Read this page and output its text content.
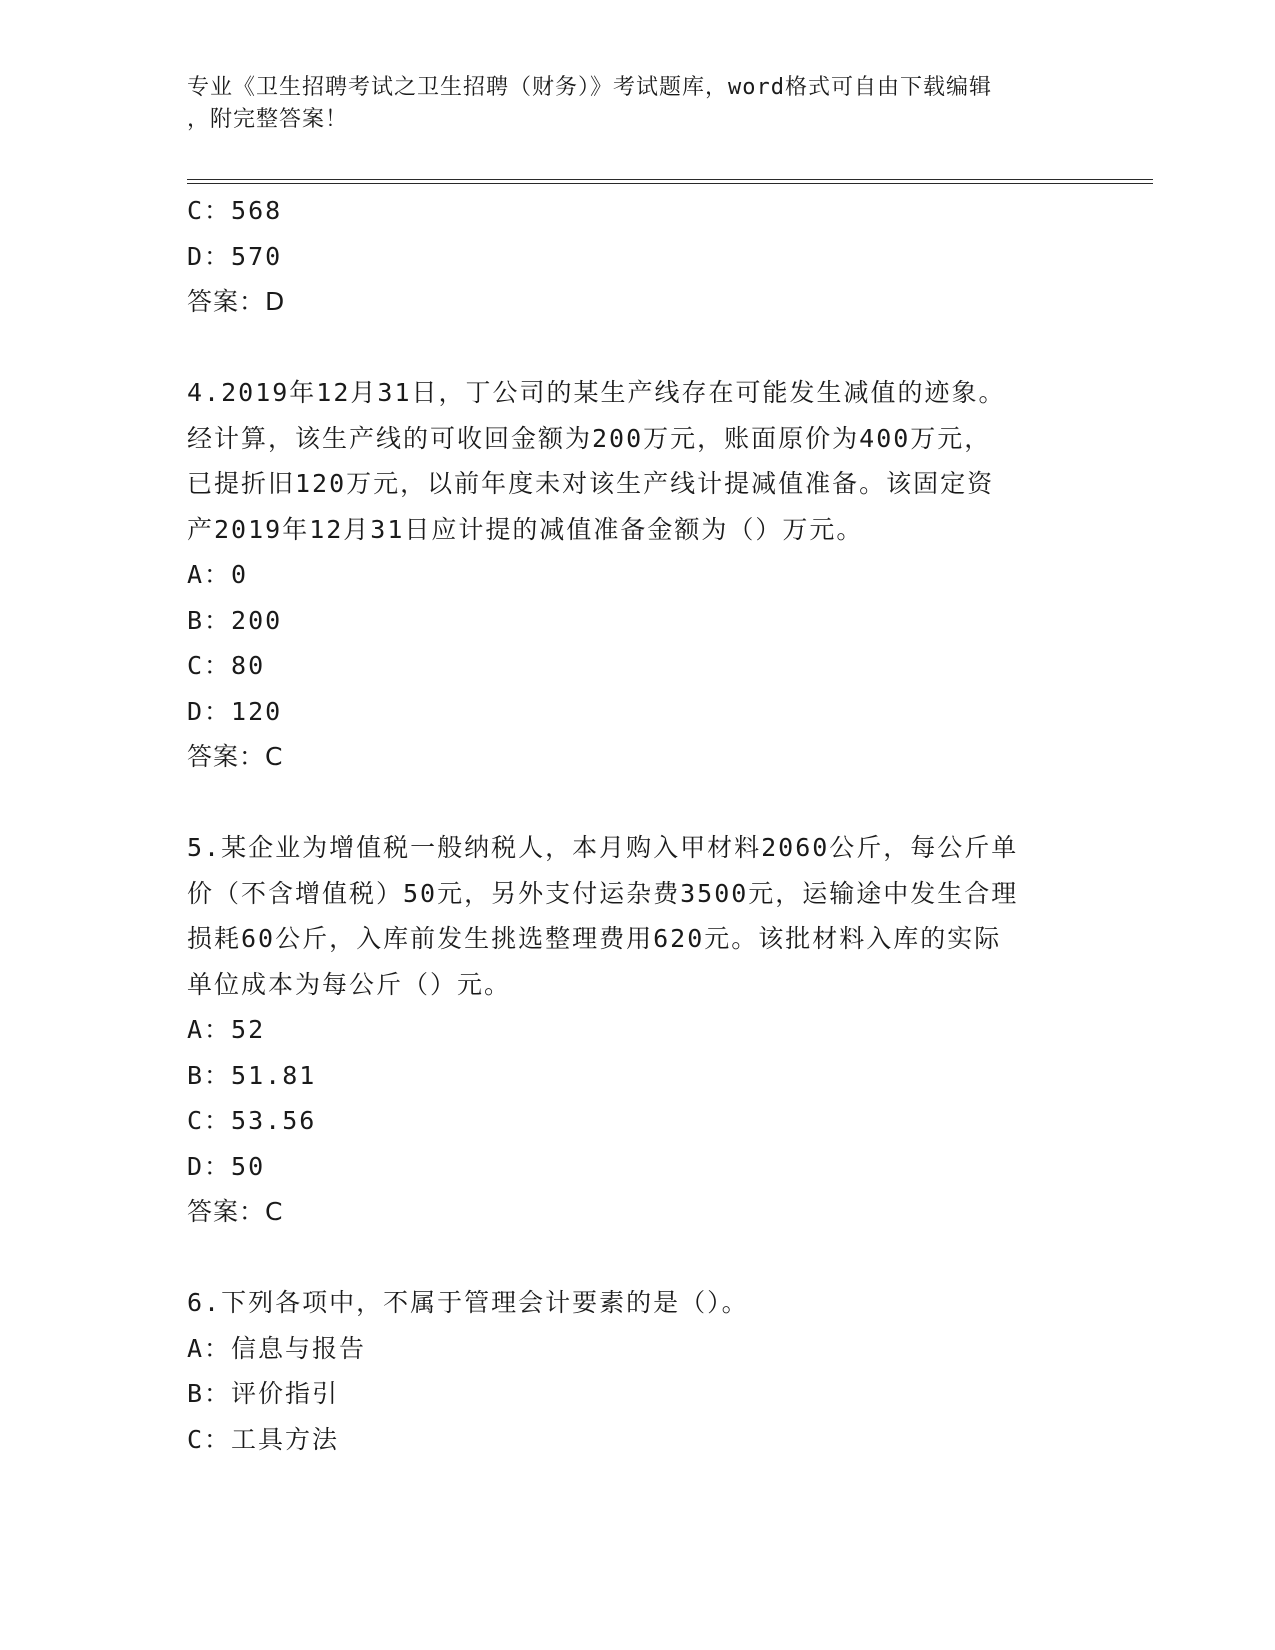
专业《卫生招聘考试之卫生招聘（财务）》考试题库，word格式可自由下载编辑
，附完整答案！
C：568
D：570
答案：D
4.2019年12月31日，丁公司的某生产线存在可能发生减值的迹象。
经计算，该生产线的可收回金额为200万元，账面原价为400万元，
已提折旧120万元，以前年度未对该生产线计提减值准备。该固定资
产2019年12月31日应计提的减值准备金额为（）万元。
A：0
B：200
C：80
D：120
答案：C
5.某企业为增值税一般纳税人，本月购入甲材料2060公斤，每公斤单
价（不含增值税）50元，另外支付运杂费3500元，运输途中发生合理
损耗60公斤，入库前发生挑选整理费用620元。该批材料入库的实际
单位成本为每公斤（）元。
A：52
B：51.81
C：53.56
D：50
答案：C
6.下列各项中，不属于管理会计要素的是（）。
A：信息与报告
B：评价指引
C：工具方法
